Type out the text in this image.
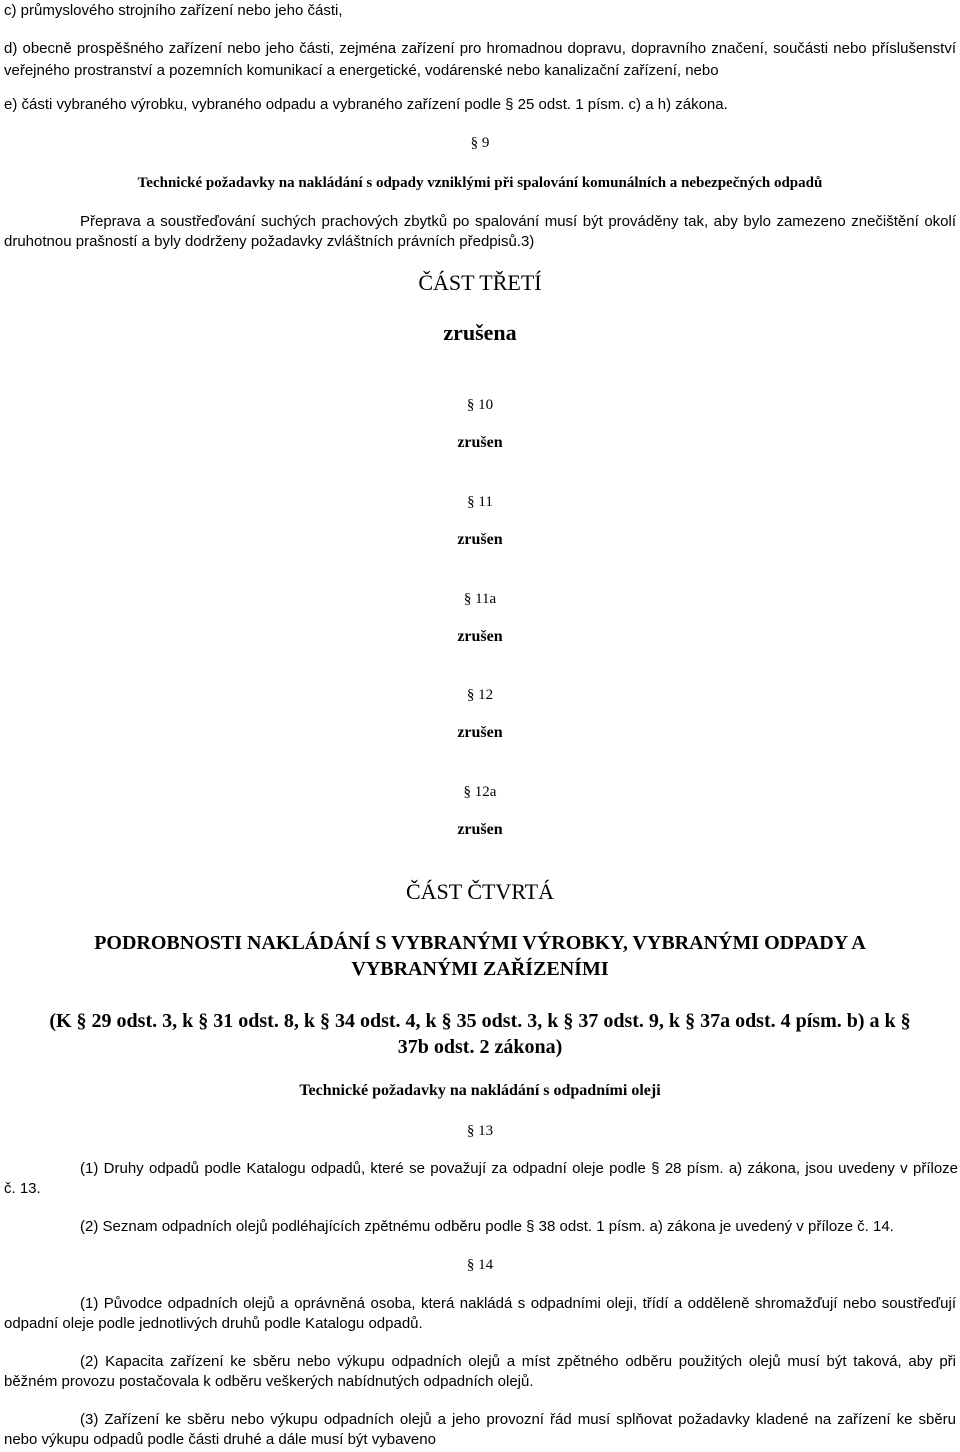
c) průmyslového strojního zařízení nebo jeho části,
d) obecně prospěšného zařízení nebo jeho části, zejména zařízení pro hromadnou dopravu, dopravního značení, součásti nebo příslušenství veřejného prostranství a pozemních komunikací a energetické, vodárenské nebo kanalizační zařízení, nebo
e) části vybraného výrobku, vybraného odpadu a vybraného zařízení podle § 25 odst. 1 písm. c) a h) zákona.
§ 9
Technické požadavky na nakládání s odpady vzniklými při spalování komunálních a nebezpečných odpadů
Přeprava a soustřeďování suchých prachových zbytků po spalování musí být prováděny tak, aby bylo zamezeno znečištění okolí druhotnou prašností a byly dodrženy požadavky zvláštních právních předpisů.3)
ČÁST TŘETÍ
zrušena
§ 10
zrušen
§ 11
zrušen
§ 11a
zrušen
§ 12
zrušen
§ 12a
zrušen
ČÁST ČTVRTÁ
PODROBNOSTI NAKLÁDÁNÍ S VYBRANÝMI VÝROBKY, VYBRANÝMI ODPADY A
VYBRANÝMI ZAŘÍZENÍMI
(K § 29 odst. 3, k § 31 odst. 8, k § 34 odst. 4, k § 35 odst. 3, k § 37 odst. 9, k § 37a odst. 4 písm. b) a k §
37b odst. 2 zákona)
Technické požadavky na nakládání s odpadními oleji
§ 13
(1) Druhy odpadů podle Katalogu odpadů, které se považují za odpadní oleje podle § 28 písm. a) zákona, jsou uvedeny v příloze
č. 13.
(2) Seznam odpadních olejů podléhajících zpětnému odběru podle § 38 odst. 1 písm. a) zákona je uvedený v příloze č. 14.
§ 14
(1) Původce odpadních olejů a oprávněná osoba, která nakládá s odpadními oleji, třídí a odděleně shromažďují nebo soustřeďují odpadní oleje podle jednotlivých druhů podle Katalogu odpadů.
(2) Kapacita zařízení ke sběru nebo výkupu odpadních olejů a míst zpětného odběru použitých olejů musí být taková, aby při běžném provozu postačovala k odběru veškerých nabídnutých odpadních olejů.
(3) Zařízení ke sběru nebo výkupu odpadních olejů a jeho provozní řád musí splňovat požadavky kladené na zařízení ke sběru nebo výkupu odpadů podle části druhé a dále musí být vybaveno
